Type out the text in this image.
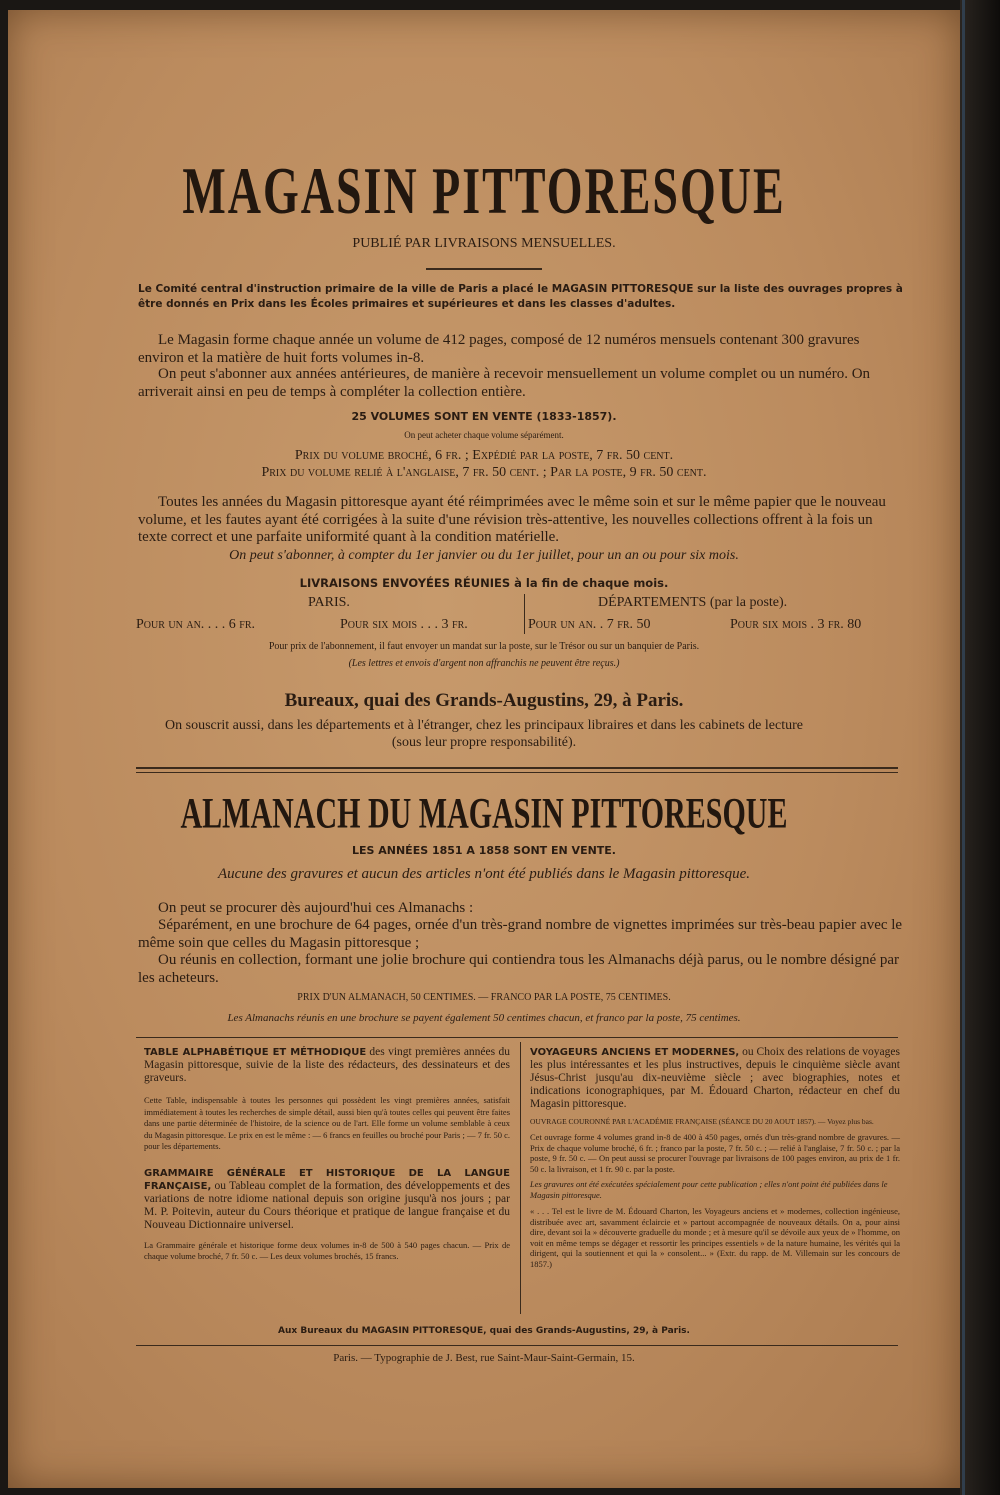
MAGASIN PITTORESQUE
PUBLIÉ PAR LIVRAISONS MENSUELLES.
Le Comité central d'instruction primaire de la ville de Paris a placé le MAGASIN PITTORESQUE sur la liste des ouvrages propres à être donnés en Prix dans les Écoles primaires et supérieures et dans les classes d'adultes.
Le Magasin forme chaque année un volume de 412 pages, composé de 12 numéros mensuels contenant 300 gravures environ et la matière de huit forts volumes in-8.
On peut s'abonner aux années antérieures, de manière à recevoir mensuellement un volume complet ou un numéro. On arriverait ainsi en peu de temps à compléter la collection entière.
25 VOLUMES SONT EN VENTE (1833-1857).
On peut acheter chaque volume séparément.
Prix du volume broché, 6 fr. ; Expédié par la poste, 7 fr. 50 cent.
Prix du volume relié à l'anglaise, 7 fr. 50 cent. ; Par la poste, 9 fr. 50 cent.
Toutes les années du Magasin pittoresque ayant été réimprimées avec le même soin et sur le même papier que le nouveau volume, et les fautes ayant été corrigées à la suite d'une révision très-attentive, les nouvelles collections offrent à la fois un texte correct et une parfaite uniformité quant à la condition matérielle.
On peut s'abonner, à compter du 1er janvier ou du 1er juillet, pour un an ou pour six mois.
LIVRAISONS ENVOYÉES RÉUNIES à la fin de chaque mois.
PARIS.	DÉPARTEMENTS (par la poste).
Pour un an. . . . 6 fr.	Pour six mois . . . 3 fr.	Pour un an. . 7 fr. 50	Pour six mois . 3 fr. 80
Pour prix de l'abonnement, il faut envoyer un mandat sur la poste, sur le Trésor ou sur un banquier de Paris.
(Les lettres et envois d'argent non affranchis ne peuvent être reçus.)
Bureaux, quai des Grands-Augustins, 29, à Paris.
On souscrit aussi, dans les départements et à l'étranger, chez les principaux libraires et dans les cabinets de lecture
(sous leur propre responsabilité).
ALMANACH DU MAGASIN PITTORESQUE
LES ANNÉES 1851 A 1858 SONT EN VENTE.
Aucune des gravures et aucun des articles n'ont été publiés dans le Magasin pittoresque.
On peut se procurer dès aujourd'hui ces Almanachs :
Séparément, en une brochure de 64 pages, ornée d'un très-grand nombre de vignettes imprimées sur très-beau papier avec le même soin que celles du Magasin pittoresque ;
Ou réunis en collection, formant une jolie brochure qui contiendra tous les Almanachs déjà parus, ou le nombre désigné par les acheteurs.
PRIX D'UN ALMANACH, 50 CENTIMES. — FRANCO PAR LA POSTE, 75 CENTIMES.
Les Almanachs réunis en une brochure se payent également 50 centimes chacun, et franco par la poste, 75 centimes.

TABLE ALPHABÉTIQUE ET MÉTHODIQUE des vingt premières années du Magasin pittoresque, suivie de la liste des rédacteurs, des dessinateurs et des graveurs.

Cette Table, indispensable à toutes les personnes qui possèdent les vingt premières années, satisfait immédiatement à toutes les recherches de simple détail, aussi bien qu'à toutes celles qui peuvent être faites dans une partie déterminée de l'histoire, de la science ou de l'art. Elle forme un volume semblable à ceux du Magasin pittoresque. Le prix en est le même : — 6 francs en feuilles ou broché pour Paris ; — 7 fr. 50 c. pour les départements.

GRAMMAIRE GÉNÉRALE ET HISTORIQUE DE LA LANGUE FRANÇAISE, ou Tableau complet de la formation, des développements et des variations de notre idiome national depuis son origine jusqu'à nos jours ; par M. P. Poitevin, auteur du Cours théorique et pratique de langue française et du Nouveau Dictionnaire universel.

La Grammaire générale et historique forme deux volumes in-8 de 500 à 540 pages chacun. — Prix de chaque volume broché, 7 fr. 50 c. — Les deux volumes brochés, 15 francs.

VOYAGEURS ANCIENS ET MODERNES, ou Choix des relations de voyages les plus intéressantes et les plus instructives, depuis le cinquième siècle avant Jésus-Christ jusqu'au dix-neuvième siècle ; avec biographies, notes et indications iconographiques, par M. Édouard Charton, rédacteur en chef du Magasin pittoresque.

OUVRAGE COURONNÉ PAR L'ACADÉMIE FRANÇAISE (SÉANCE DU 20 AOUT 1857). — Voyez plus bas.

Cet ouvrage forme 4 volumes grand in-8 de 400 à 450 pages, ornés d'un très-grand nombre de gravures. — Prix de chaque volume broché, 6 fr. ; franco par la poste, 7 fr. 50 c. ; — relié à l'anglaise, 7 fr. 50 c. ; par la poste, 9 fr. 50 c. — On peut aussi se procurer l'ouvrage par livraisons de 100 pages environ, au prix de 1 fr. 50 c. la livraison, et 1 fr. 90 c. par la poste.

Les gravures ont été exécutées spécialement pour cette publication ; elles n'ont point été publiées dans le Magasin pittoresque.

« . . . Tel est le livre de M. Édouard Charton, les Voyageurs anciens et » modernes, collection ingénieuse, distribuée avec art, savamment éclaircie et » partout accompagnée de nouveaux détails. On a, pour ainsi dire, devant soi la » découverte graduelle du monde ; et à mesure qu'il se dévoile aux yeux de » l'homme, on voit en même temps se dégager et ressortir les principes essentiels » de la nature humaine, les vérités qui la dirigent, qui la soutiennent et qui la » consolent... » (Extr. du rapp. de M. Villemain sur les concours de 1857.)

Aux Bureaux du MAGASIN PITTORESQUE, quai des Grands-Augustins, 29, à Paris.
Paris. — Typographie de J. Best, rue Saint-Maur-Saint-Germain, 15.
